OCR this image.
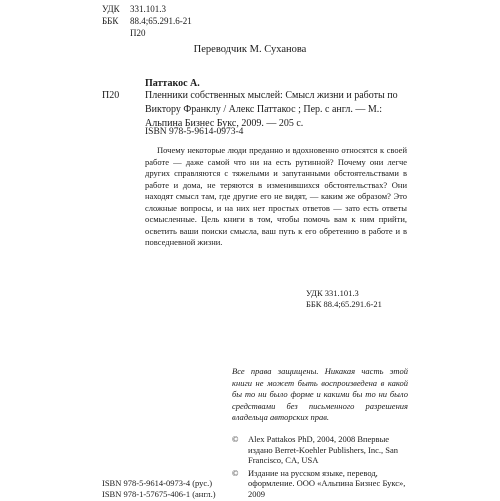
УДК	331.101.3
ББК	88.4;65.291.6-21
П20
Переводчик М. Суханова
Паттакос А.
П20	Пленники собственных мыслей: Смысл жизни и работы по Виктору Франклу / Алекс Паттакос ; Пер. с англ. — М.: Альпина Бизнес Букс, 2009. — 205 с.
ISBN 978-5-9614-0973-4
Почему некоторые люди преданно и вдохновенно относятся к своей работе — даже самой что ни на есть рутинной? Почему они легче других справляются с тяжелыми и запутанными обстоятельствами в работе и дома, не теряются в изменившихся обстоятельствах? Они находят смысл там, где другие его не видят, — каким же образом? Это сложные вопросы, и на них нет простых ответов — зато есть ответы осмысленные. Цель книги в том, чтобы помочь вам к ним прийти, осветить ваши поиски смысла, ваш путь к его обретению в работе и в повседневной жизни.
УДК 331.101.3
ББК 88.4;65.291.6-21
Все права защищены. Никакая часть этой книги не может быть воспроизведена в какой бы то ни было форме и какими бы то ни было средствами без письменного разрешения владельца авторских прав.
©	Alex Pattakos PhD, 2004, 2008 Впервые издано Berret-Koehler Publishers, Inc., San Francisco, CA, USA
©	Издание на русском языке, перевод, оформление. ООО «Альпина Бизнес Букс», 2009
ISBN 978-5-9614-0973-4 (рус.)
ISBN 978-1-57675-406-1 (англ.)
